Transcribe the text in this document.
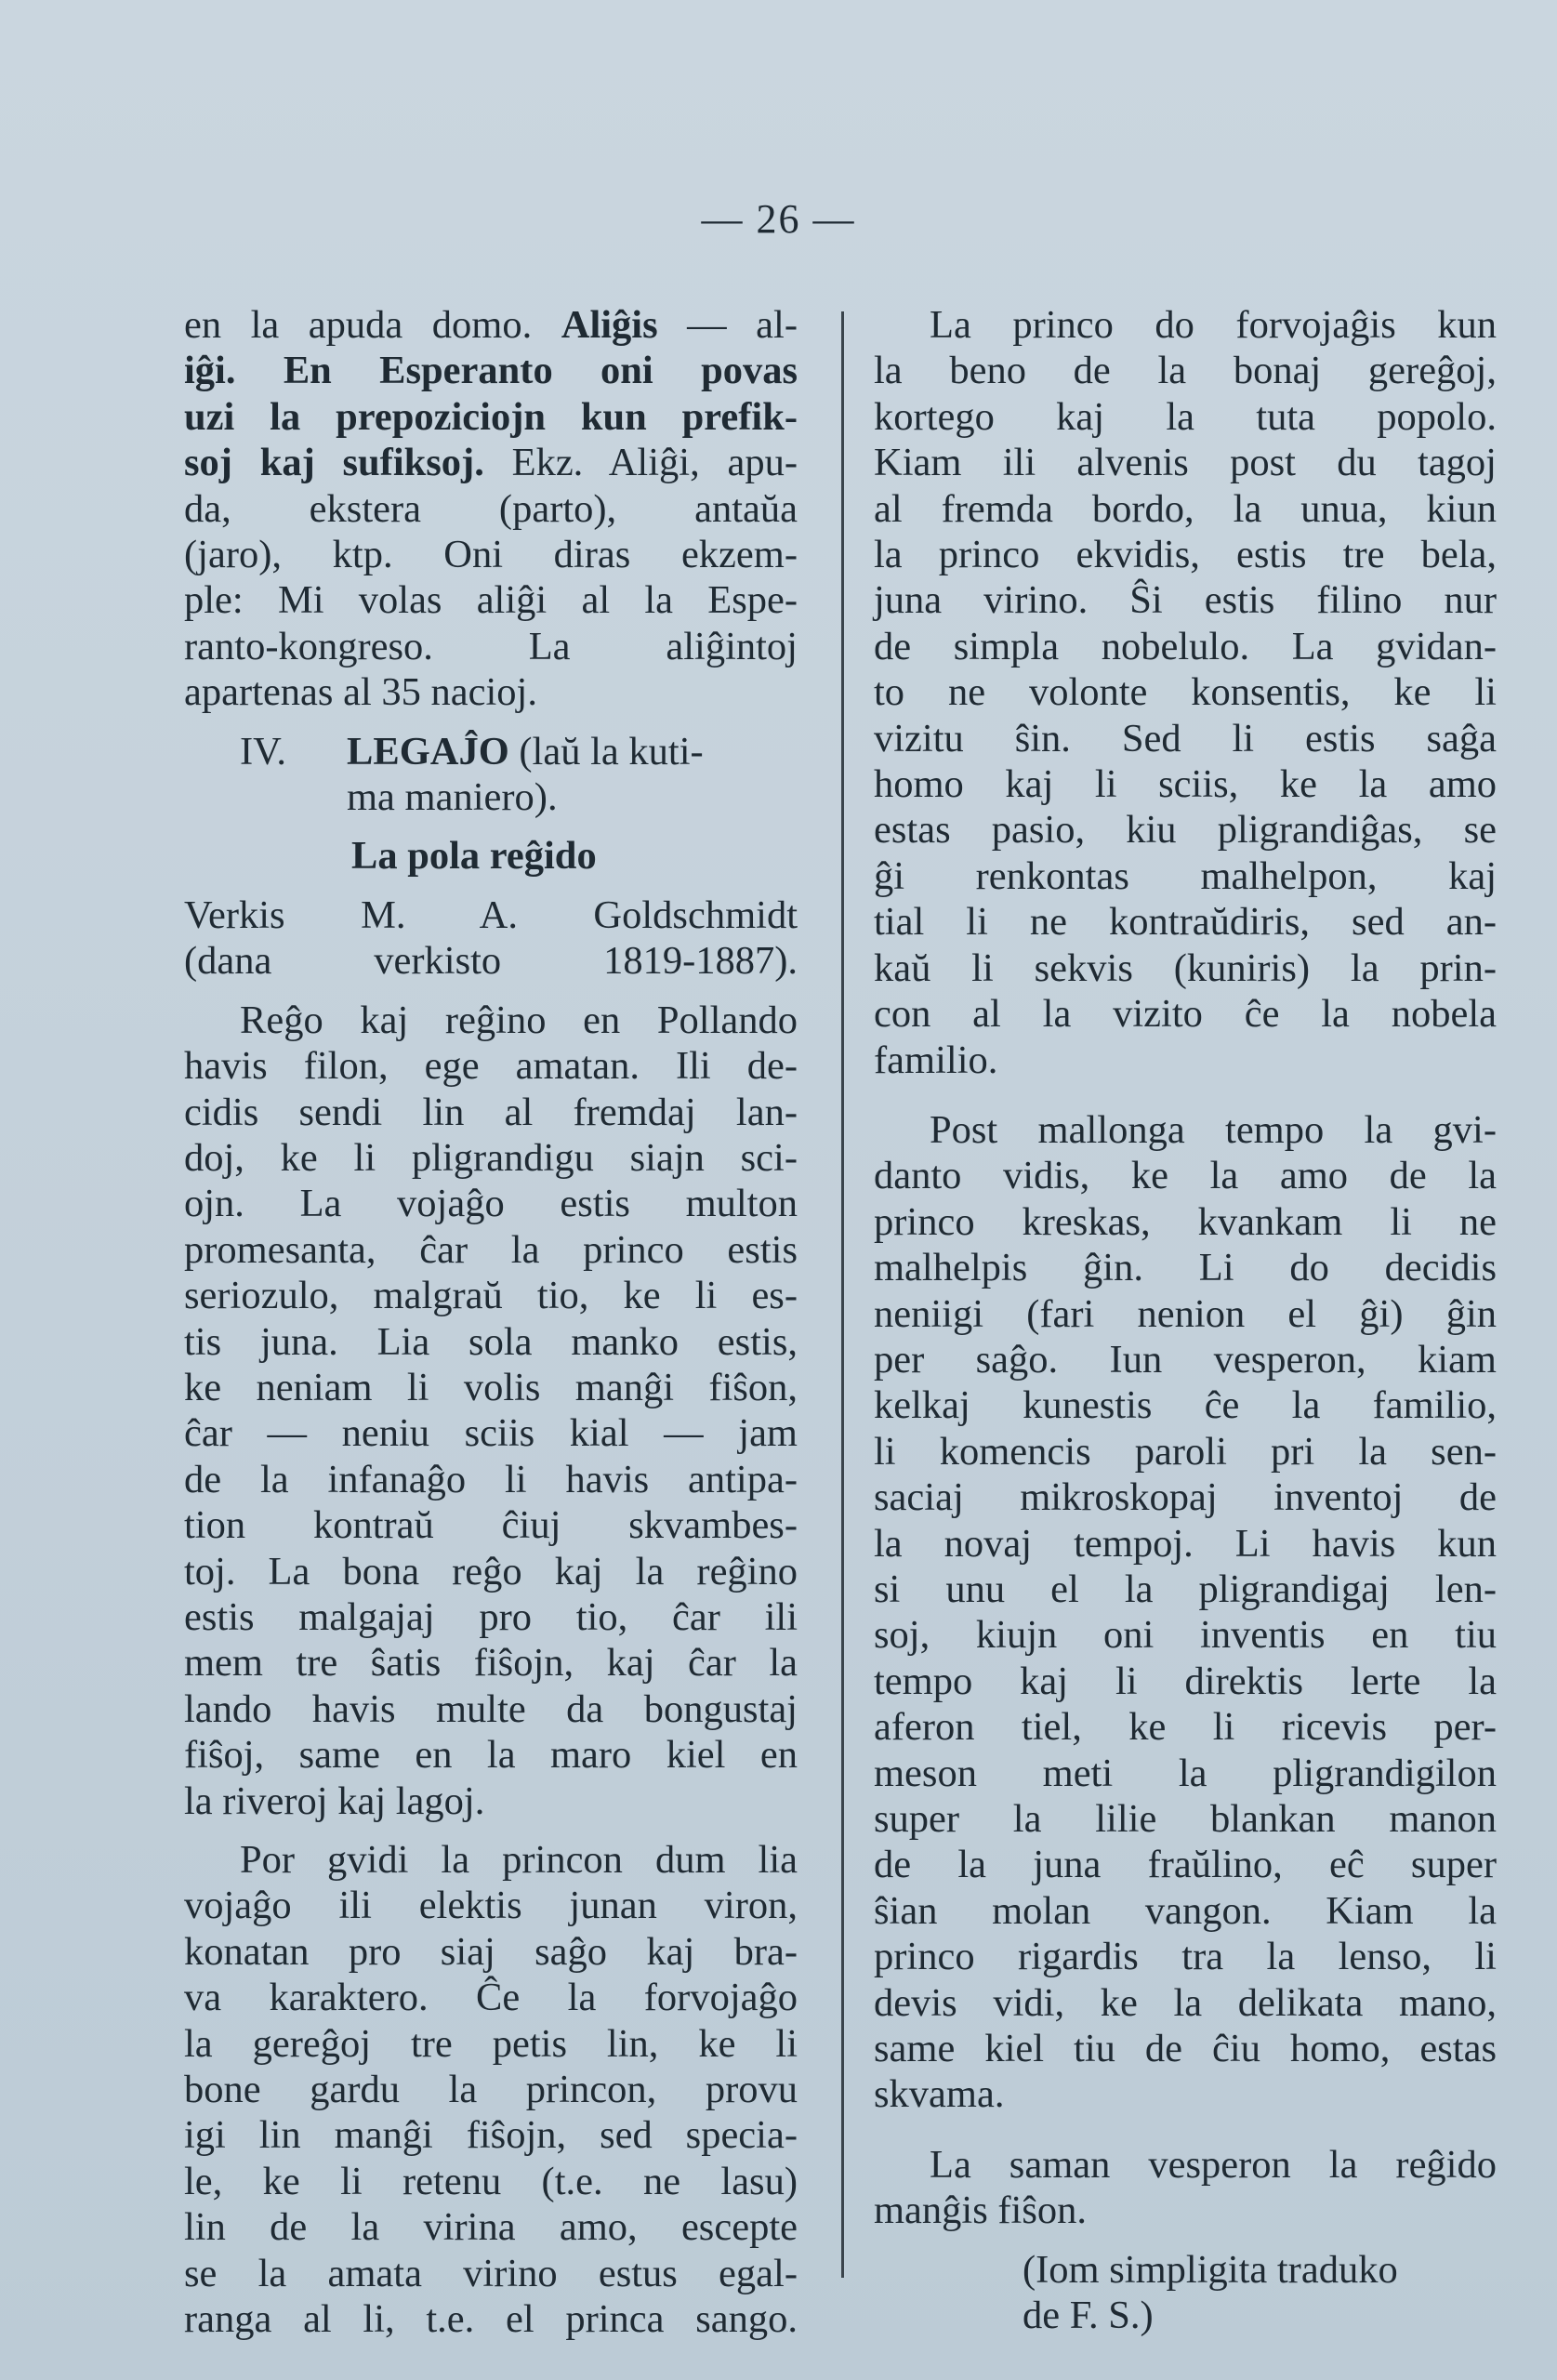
— 26 —

en la apuda domo. Aliĝis — al-

iĝi. En Esperanto oni povas

uzi la prepoziciojn kun prefik-

soj kaj sufiksoj. Ekz. Aliĝi, apu-

da, ekstera (parto), antaŭa

(jaro), ktp. Oni diras ekzem-

ple: Mi volas aliĝi al la Espe-

ranto-kongreso. La aliĝintoj

apartenas al 35 nacioj.

IV. LEGAĴO (laŭ la kuti-

ma maniero).

La pola reĝido

Verkis M. A. Goldschmidt

(dana verkisto 1819-1887).

Reĝo kaj reĝino en Pollando

havis filon, ege amatan. Ili de-

cidis sendi lin al fremdaj lan-

doj, ke li pligrandigu siajn sci-

ojn. La vojaĝo estis multon

promesanta, ĉar la princo estis

seriozulo, malgraŭ tio, ke li es-

tis juna. Lia sola manko estis,

ke neniam li volis manĝi fiŝon,

ĉar — neniu sciis kial — jam

de la infanaĝo li havis antipa-

tion kontraŭ ĉiuj skvambes-

toj. La bona reĝo kaj la reĝino

estis malgajaj pro tio, ĉar ili

mem tre ŝatis fiŝojn, kaj ĉar la

lando havis multe da bongustaj

fiŝoj, same en la maro kiel en

la riveroj kaj lagoj.

Por gvidi la princon dum lia

vojaĝo ili elektis junan viron,

konatan pro siaj saĝo kaj bra-

va karaktero. Ĉe la forvojaĝo

la gereĝoj tre petis lin, ke li

bone gardu la princon, provu

igi lin manĝi fiŝojn, sed specia-

le, ke li retenu (t.e. ne lasu)

lin de la virina amo, escepte

se la amata virino estus egal-

ranga al li, t.e. el princa sango.

La princo do forvojaĝis kun

la beno de la bonaj gereĝoj,

kortego kaj la tuta popolo.

Kiam ili alvenis post du tagoj

al fremda bordo, la unua, kiun

la princo ekvidis, estis tre bela,

juna virino. Ŝi estis filino nur

de simpla nobelulo. La gvidan-

to ne volonte konsentis, ke li

vizitu ŝin. Sed li estis saĝa

homo kaj li sciis, ke la amo

estas pasio, kiu pligrandiĝas, se

ĝi renkontas malhelpon, kaj

tial li ne kontraŭdiris, sed an-

kaŭ li sekvis (kuniris) la prin-

con al la vizito ĉe la nobela

familio.

Post mallonga tempo la gvi-

danto vidis, ke la amo de la

princo kreskas, kvankam li ne

malhelpis ĝin. Li do decidis

neniigi (fari nenion el ĝi) ĝin

per saĝo. Iun vesperon, kiam

kelkaj kunestis ĉe la familio,

li komencis paroli pri la sen-

saciaj mikroskopaj inventoj de

la novaj tempoj. Li havis kun

si unu el la pligrandigaj len-

soj, kiujn oni inventis en tiu

tempo kaj li direktis lerte la

aferon tiel, ke li ricevis per-

meson meti la pligrandigilon

super la lilie blankan manon

de la juna fraŭlino, eĉ super

ŝian molan vangon. Kiam la

princo rigardis tra la lenso, li

devis vidi, ke la delikata mano,

same kiel tiu de ĉiu homo, estas

skvama.

La saman vesperon la reĝido

manĝis fiŝon.

(Iom simpligita traduko

de F. S.)
